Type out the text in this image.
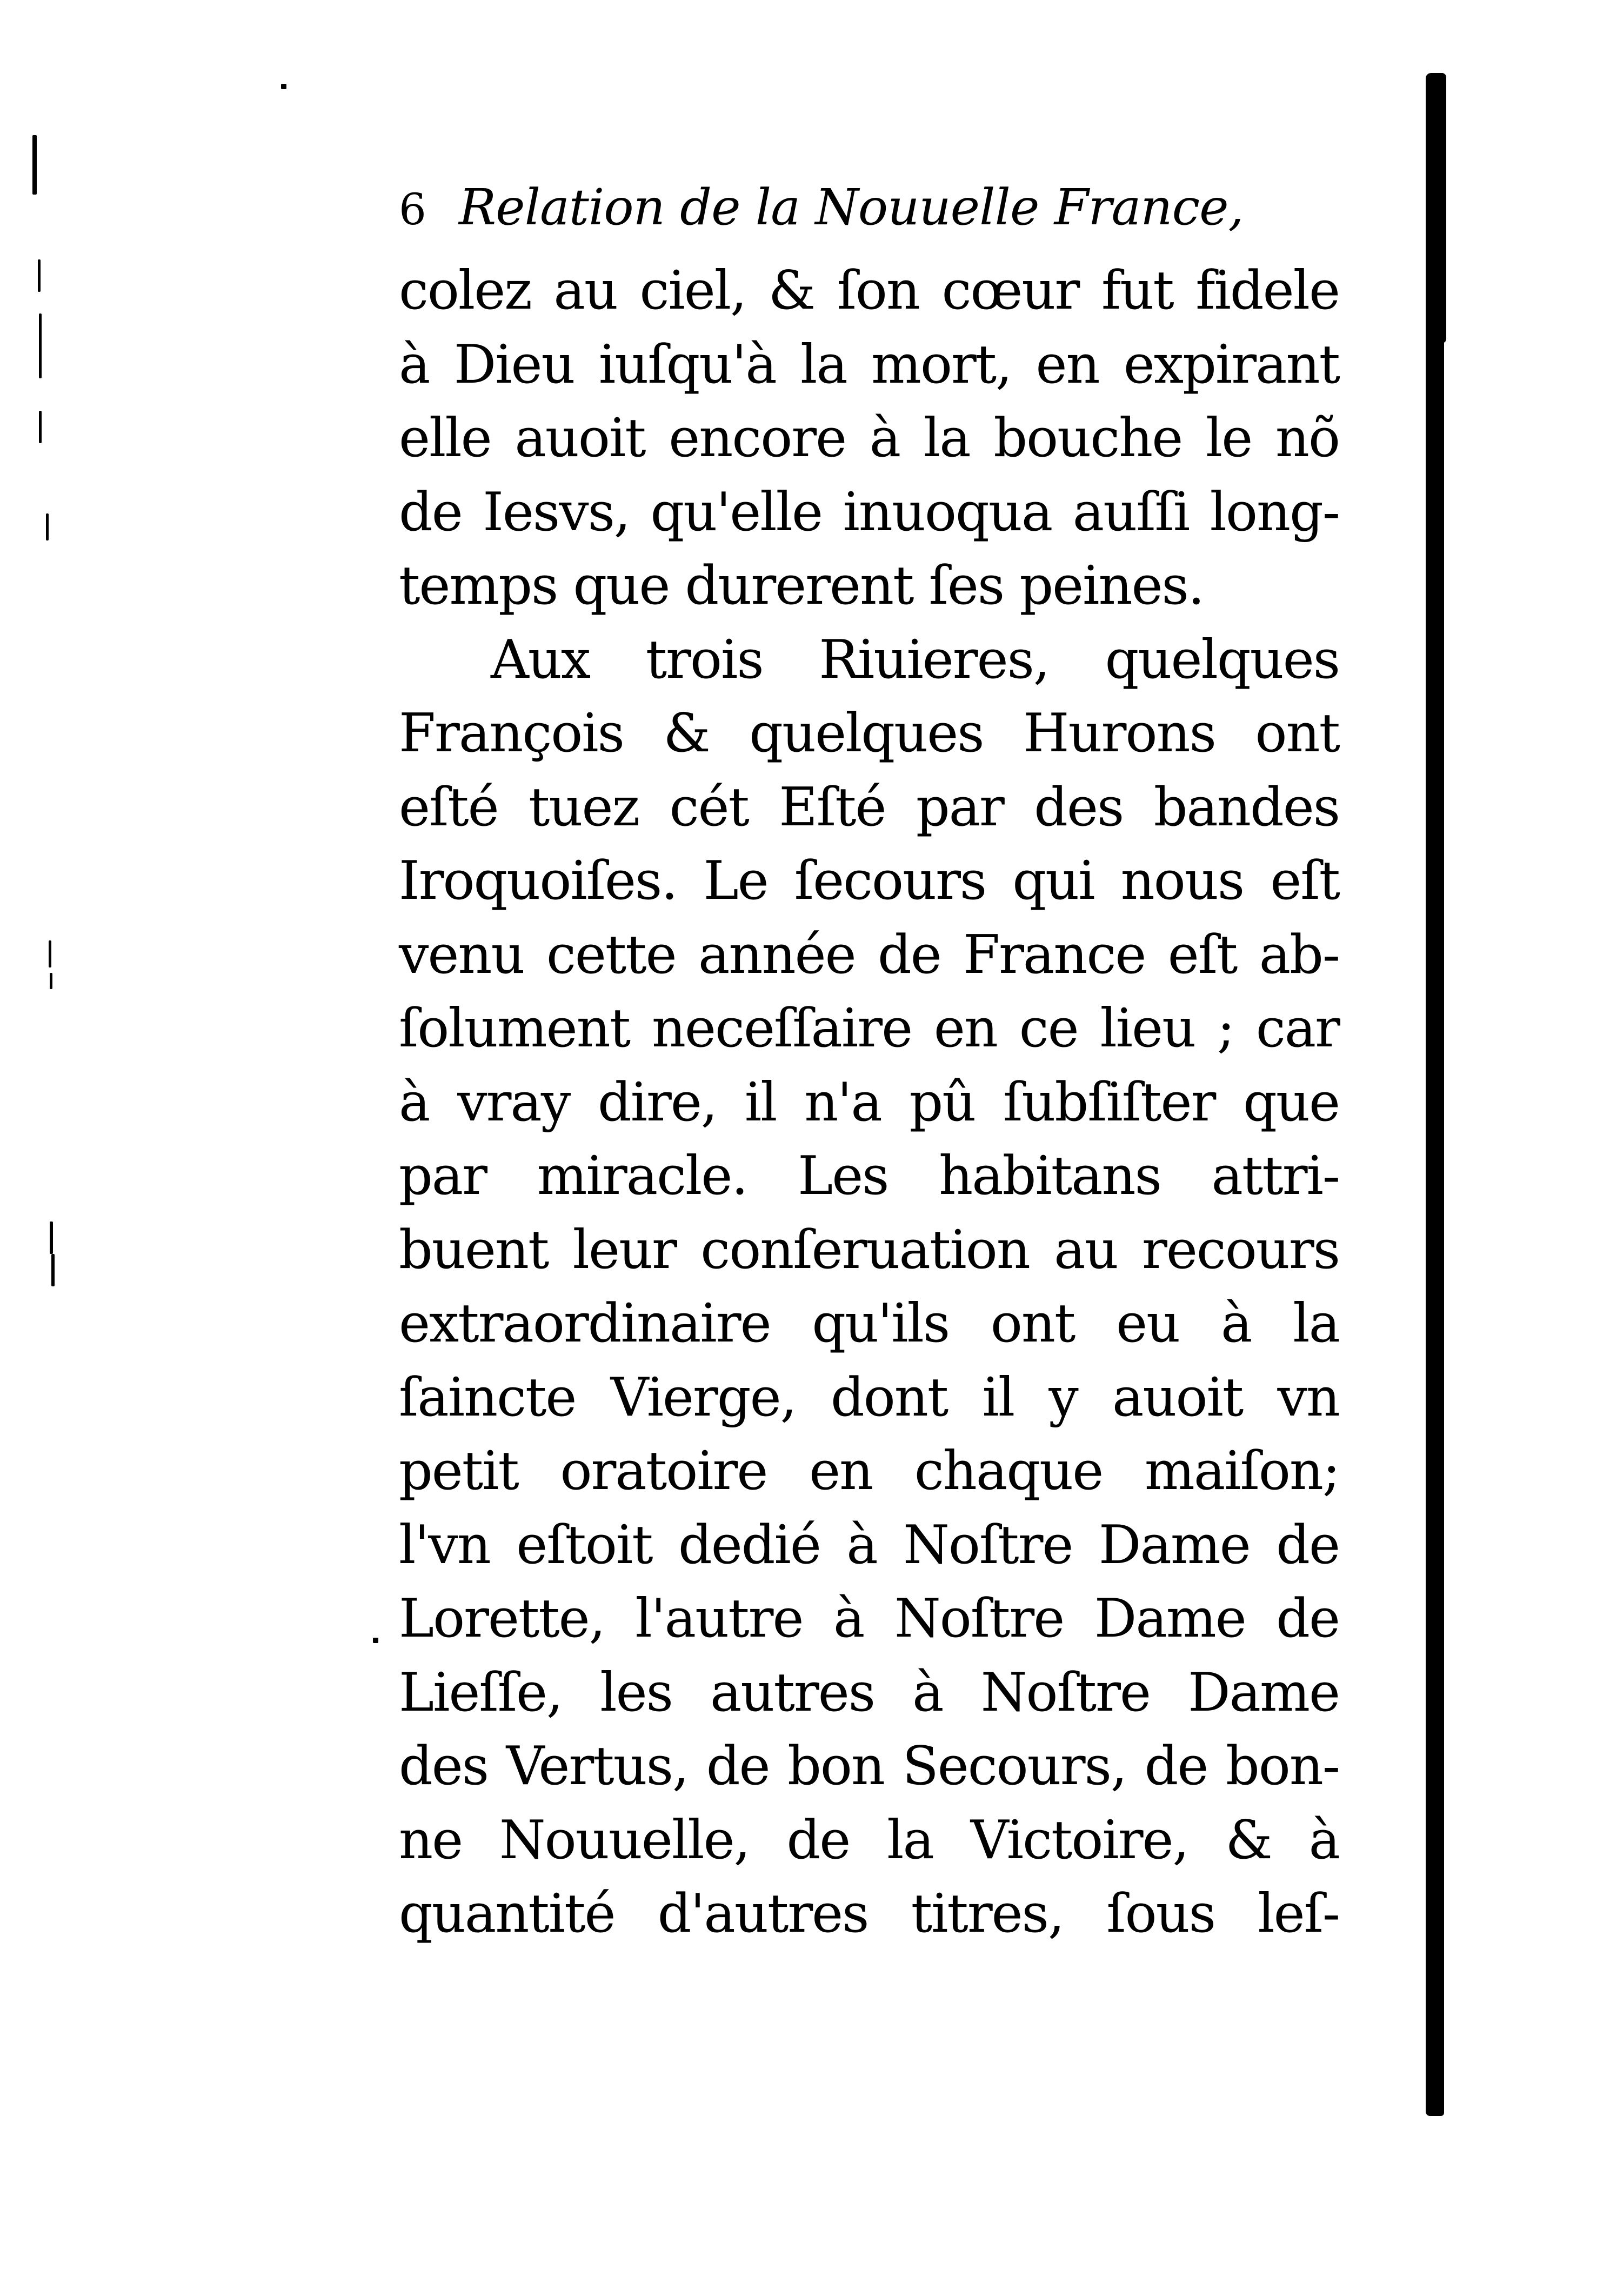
6 Relation de la Nouuelle France,
colez au ciel, & ſon cœur fut fidele
à Dieu iuſqu'à la mort, en expirant
elle auoit encore à la bouche le nõ
de Iesvs, qu'elle inuoqua auſſi long-
temps que durerent ſes peines.
Aux trois Riuieres, quelques
François & quelques Hurons ont
eſté tuez cét Eſté par des bandes
Iroquoiſes. Le ſecours qui nous eſt
venu cette année de France eſt ab-
ſolument neceſſaire en ce lieu ; car
à vray dire, il n'a pû ſubſiſter que
par miracle. Les habitans attri-
buent leur conſeruation au recours
extraordinaire qu'ils ont eu à la
ſaincte Vierge, dont il y auoit vn
petit oratoire en chaque maiſon;
l'vn eſtoit dedié à Noſtre Dame de
Lorette, l'autre à Noſtre Dame de
Lieſſe, les autres à Noſtre Dame
des Vertus, de bon Secours, de bon-
ne Nouuelle, de la Victoire, & à
quantité d'autres titres, ſous leſ-
